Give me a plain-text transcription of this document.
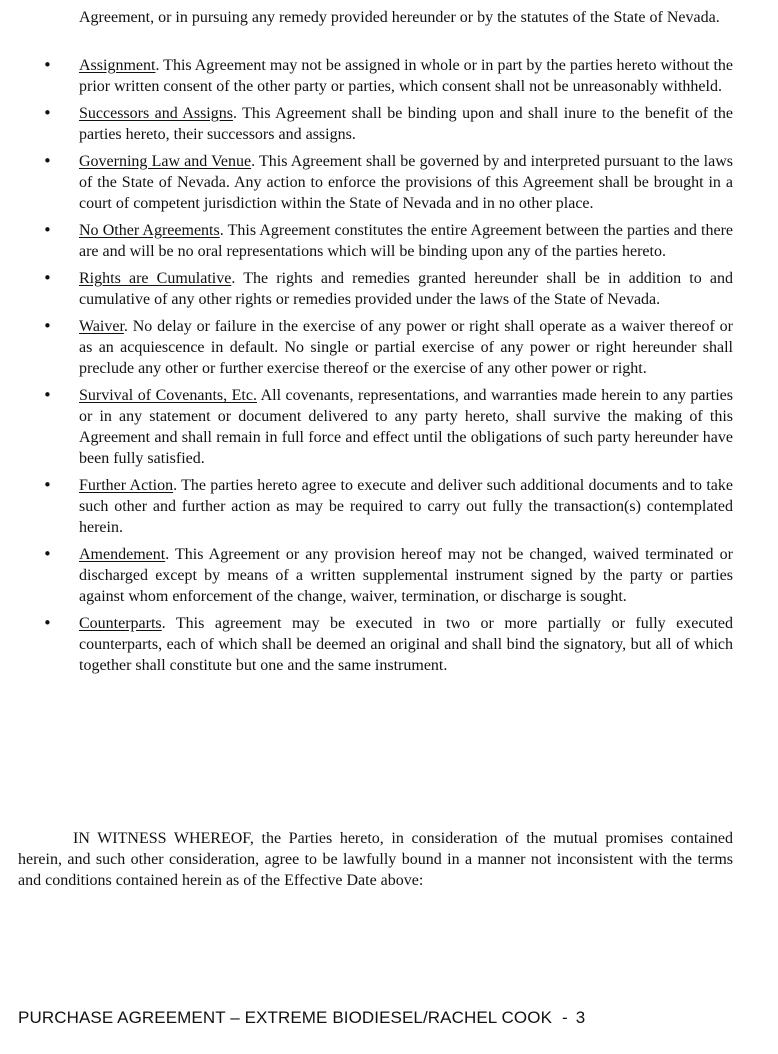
Agreement, or in pursuing any remedy provided hereunder or by the statutes of the State of Nevada.
• Assignment. This Agreement may not be assigned in whole or in part by the parties hereto without the prior written consent of the other party or parties, which consent shall not be unreasonably withheld.
• Successors and Assigns. This Agreement shall be binding upon and shall inure to the benefit of the parties hereto, their successors and assigns.
• Governing Law and Venue. This Agreement shall be governed by and interpreted pursuant to the laws of the State of Nevada. Any action to enforce the provisions of this Agreement shall be brought in a court of competent jurisdiction within the State of Nevada and in no other place.
• No Other Agreements. This Agreement constitutes the entire Agreement between the parties and there are and will be no oral representations which will be binding upon any of the parties hereto.
• Rights are Cumulative. The rights and remedies granted hereunder shall be in addition to and cumulative of any other rights or remedies provided under the laws of the State of Nevada.
• Waiver. No delay or failure in the exercise of any power or right shall operate as a waiver thereof or as an acquiescence in default. No single or partial exercise of any power or right hereunder shall preclude any other or further exercise thereof or the exercise of any other power or right.
• Survival of Covenants, Etc. All covenants, representations, and warranties made herein to any parties or in any statement or document delivered to any party hereto, shall survive the making of this Agreement and shall remain in full force and effect until the obligations of such party hereunder have been fully satisfied.
• Further Action. The parties hereto agree to execute and deliver such additional documents and to take such other and further action as may be required to carry out fully the transaction(s) contemplated herein.
• Amendement. This Agreement or any provision hereof may not be changed, waived terminated or discharged except by means of a written supplemental instrument signed by the party or parties against whom enforcement of the change, waiver, termination, or discharge is sought.
• Counterparts. This agreement may be executed in two or more partially or fully executed counterparts, each of which shall be deemed an original and shall bind the signatory, but all of which together shall constitute but one and the same instrument.
IN WITNESS WHEREOF, the Parties hereto, in consideration of the mutual promises contained herein, and such other consideration, agree to be lawfully bound in a manner not inconsistent with the terms and conditions contained herein as of the Effective Date above:
PURCHASE AGREEMENT – EXTREME BIODIESEL/RACHEL COOK - 3
